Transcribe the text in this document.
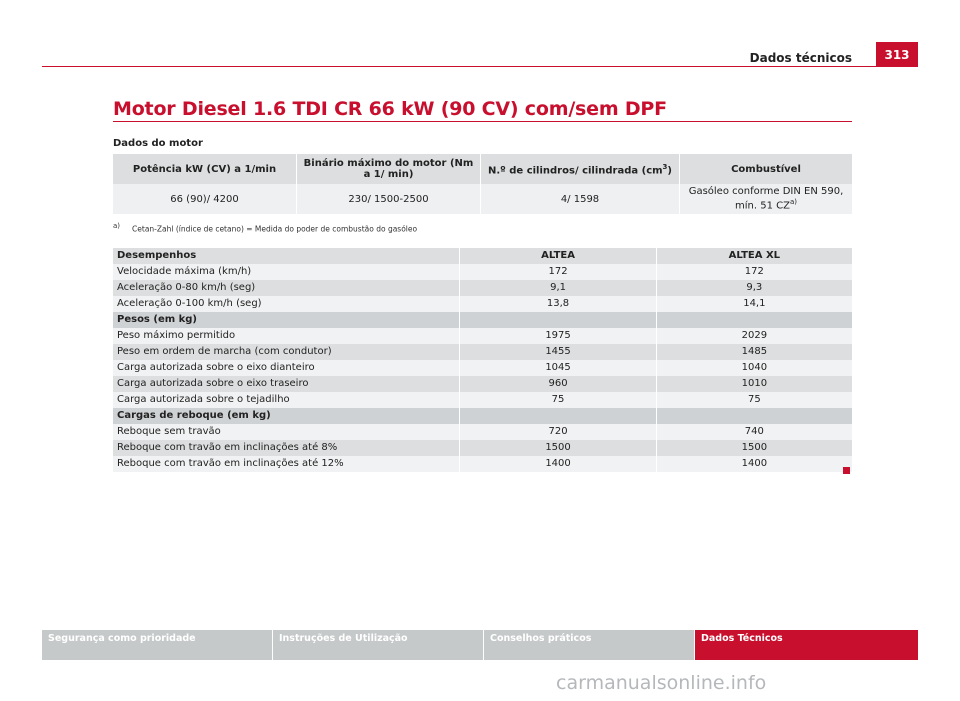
Dados técnicos	313
Motor Diesel 1.6 TDI CR 66 kW (90 CV) com/sem DPF
Dados do motor
Potência kW (CV) a 1/min	Binário máximo do motor (Nm a 1/ min)	N.º de cilindros/ cilindrada $(cm^3)$	Combustível
66 (90)/ 4200	230/ 1500-2500	4/ 1598	Gasóleo conforme DIN EN 590, mín. 51 CZ$^{a)}$
$^{a)}$ Cetan-Zahl (índice de cetano) = Medida do poder de combustão do gasóleo
Desempenhos	ALTEA	ALTEA XL
Velocidade máxima (km/h)	172	172
Aceleração 0-80 km/h (seg)	9,1	9,3
Aceleração 0-100 km/h (seg)	13,8	14,1
Pesos (em kg)		
Peso máximo permitido	1975	2029
Peso em ordem de marcha (com condutor)	1455	1485
Carga autorizada sobre o eixo dianteiro	1045	1040
Carga autorizada sobre o eixo traseiro	960	1010
Carga autorizada sobre o tejadilho	75	75
Cargas de reboque (em kg)		
Reboque sem travão	720	740
Reboque com travão em inclinações até 8%	1500	1500
Reboque com travão em inclinações até 12%	1400	1400
Segurança como prioridade	Instruções de Utilização	Conselhos práticos	Dados Técnicos
carmanualsonline.info
